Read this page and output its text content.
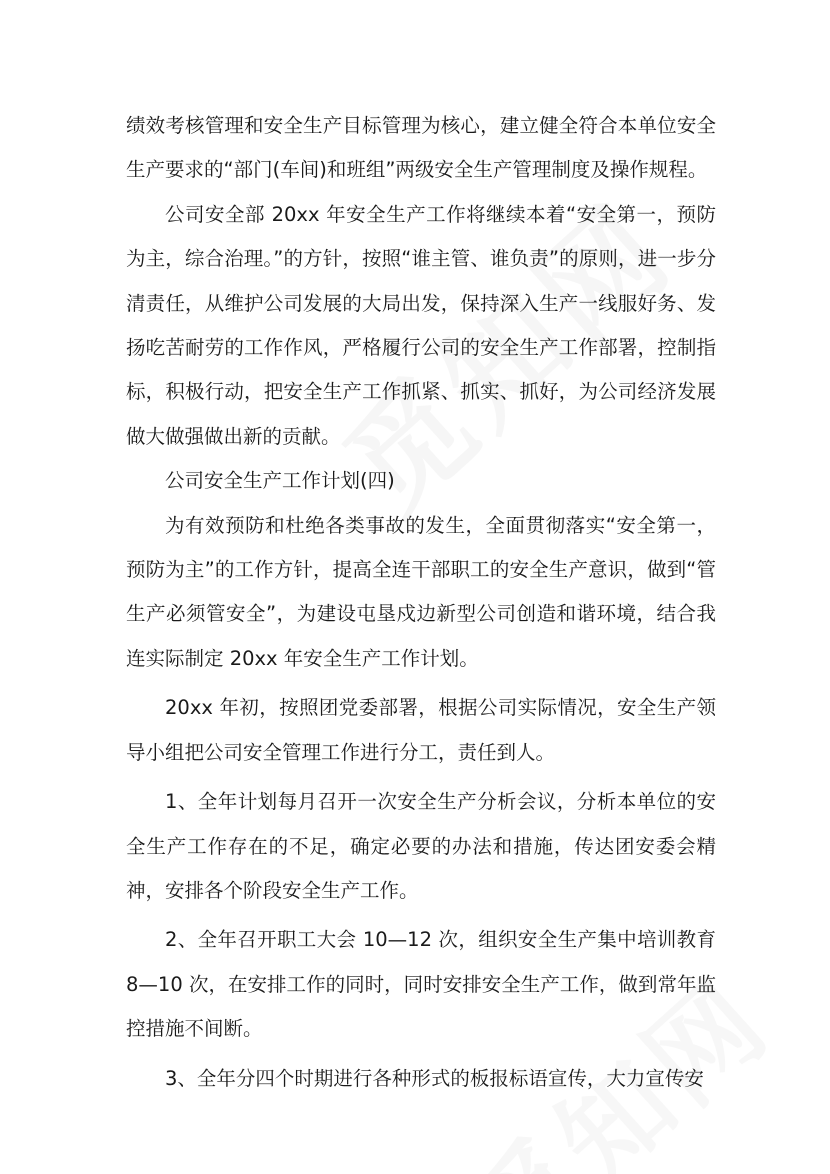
绩效考核管理和安全生产目标管理为核心，建立健全符合本单位安全生产要求的“部门(车间)和班组”两级安全生产管理制度及操作规程。

公司安全部 20xx 年安全生产工作将继续本着“安全第一，预防为主，综合治理。”的方针，按照“谁主管、谁负责”的原则，进一步分清责任，从维护公司发展的大局出发，保持深入生产一线服好务、发扬吃苦耐劳的工作作风，严格履行公司的安全生产工作部署，控制指标，积极行动，把安全生产工作抓紧、抓实、抓好，为公司经济发展做大做强做出新的贡献。

公司安全生产工作计划(四)

为有效预防和杜绝各类事故的发生，全面贯彻落实“安全第一，预防为主”的工作方针，提高全连干部职工的安全生产意识，做到“管生产必须管安全”，为建设屯垦戍边新型公司创造和谐环境，结合我连实际制定 20xx 年安全生产工作计划。

20xx 年初，按照团党委部署，根据公司实际情况，安全生产领导小组把公司安全管理工作进行分工，责任到人。

1、全年计划每月召开一次安全生产分析会议，分析本单位的安全生产工作存在的不足，确定必要的办法和措施，传达团安委会精神，安排各个阶段安全生产工作。

2、全年召开职工大会 10—12 次，组织安全生产集中培训教育 8—10 次，在安排工作的同时，同时安排安全生产工作，做到常年监控措施不间断。

3、全年分四个时期进行各种形式的板报标语宣传，大力宣传安
